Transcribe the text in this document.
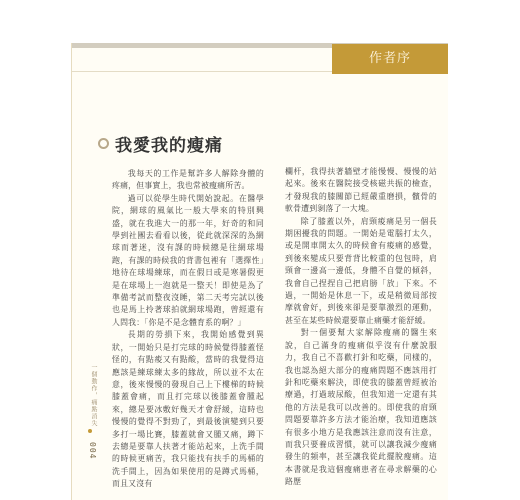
作者序
我愛我的瘦痛

我每天的工作是幫許多人解除身體的疼痛，但事實上，我也常被瘦痛所苦。

過可以從學生時代開始說起。在醫學院，網球的風氣比一般大學來的特別興盛，就在我進大一的那一年，好奇的和同學到社團去看看以後，從此就深深的為網球而著迷，沒有課的時候總是往網球場跑，有課的時候我的背書包裡有「選擇性」地待在球場練球，而在假日或是寒暑假更是在球場上一泡就是一整天！即使是為了準備考試而整夜沒睡，第二天考完試以後也是馬上拎著球拍就網球場跑，曾經還有人問我：「你是不是念體育系的啊？」

長期的勞損下來，我開始感覺到異狀，一開始只是打完球的時候覺得膝蓋怪怪的，有點痠又有點酸，當時的我覺得這應該是練球練太多的緣故，所以並不太在意，後來慢慢的發現自己上下樓梯的時候膝蓋會痛，而且打完球以後膝蓋會腫起來，總是要冰敷好幾天才會舒緩，這時也慢慢的覺得不對勁了，到最後演變到只要多打一場比賽，膝蓋就會又腫又痛，蹲下去總是要靠人扶著才能站起來，上洗手間的時候更痛苦，我只能找有扶手的馬桶的洗手間上，因為如果使用的是蹲式馬桶，而且又沒有

欄杆，我得扶著牆壁才能慢慢、慢慢的站起來。後來在醫院接受核磁共振的檢查，才發現我的膝關節已經嚴重磨損，髕骨的軟骨遭到剝落了一大塊。

除了膝蓋以外，肩頸痠痛是另一個長期困擾我的問題。一開始是電腦打太久，或是開車開太久的時候會有痠痛的感覺，到後來變成只要背背比較重的包包時，肩頸會一邊高一邊低，身體不自覺的傾斜，我會自己捏捏自己把肩膀「放」下來。不過，一開始是休息一下，或是稍微局部按摩就會好，到後來卻是要靠激烈的運動，甚至在某些時候還要靠止痛藥才能舒緩。

對一個要幫大家解除瘦痛的醫生來說，自己滿身的瘦痛似乎沒有什麼說服力，我自己不喜歡打針和吃藥，同樣的，我也認為絕大部分的瘦痛問題不應該用打針和吃藥來解決，即使我的膝蓋曾經被治療過，打過玻尿酸，但我知道一定還有其他的方法是我可以改善的。即使我的肩頸問題要靠許多方法才能治療，我知道應該有很多小地方是我應該注意而沒有注意，而我只要養成習慣，就可以讓我減少瘦痛發生的頻率，甚至讓我從此擺脫瘦痛。這本書就是我這個瘦痛患者在尋求解藥的心路歷

一個動作，痛點消失
004
